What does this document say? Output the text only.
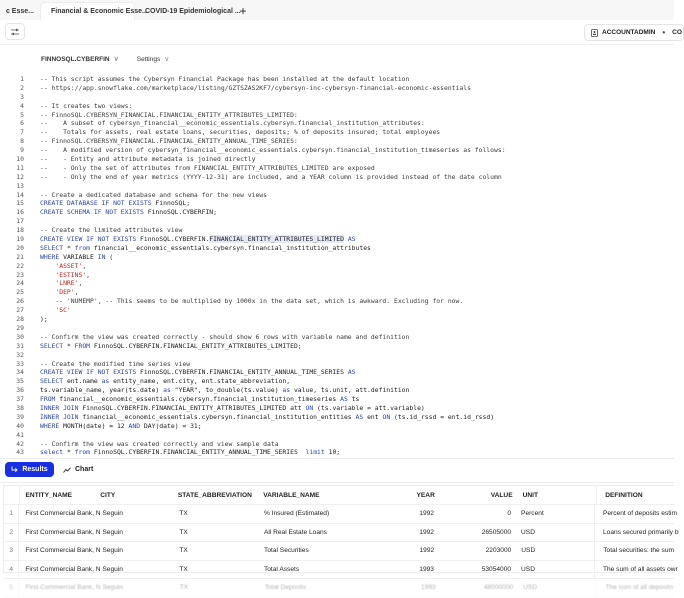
c Esse... Financial & Economic Esse...
COVID-19 Epidemiological ...
+
ACCOUNTADMIN • CO
FINNOSQL.CYBERFIN ∨	Settings ∨
1	-- This script assumes the Cybersyn Financial Package has been installed at the default location
2	-- https://app.snowflake.com/marketplace/listing/GZTSZAS2KF7/cybersyn-inc-cybersyn-financial-economic-essentials
3
4	-- It creates two views:
5	-- FinnoSQL.CYBERSYN_FINANCIAL.FINANCIAL_ENTITY_ATTRIBUTES_LIMITED:
6	--    A subset of cybersyn_financial__economic_essentials.cybersyn.financial_institution_attributes:
7	--    Totals for assets, real estate loans, securities, deposits; % of deposits insured; total employees
8	-- FinnoSQL.CYBERSYN_FINANCIAL.FINANCIAL_ENTITY_ANNUAL_TIME_SERIES:
9	--    A modified version of cybersyn_financial__economic_essentials.cybersyn.financial_institution_timeseries as follows:
10	--    - Entity and attribute metadata is joined directly
11	--    - Only the set of attributes from FINANCIAL_ENTITY_ATTRIBUTES_LIMITED are exposed
12	--    - Only the end of year metrics (YYYY-12-31) are included, and a YEAR column is provided instead of the date column
13
14	-- Create a dedicated database and schema for the new views
15	CREATE DATABASE IF NOT EXISTS FinnoSQL;
16	CREATE SCHEMA IF NOT EXISTS FinnoSQL.CYBERFIN;
17
18	-- Create the limited attributes view
19	CREATE VIEW IF NOT EXISTS FinnoSQL.CYBERFIN.FINANCIAL_ENTITY_ATTRIBUTES_LIMITED AS
20	SELECT * from financial__economic_essentials.cybersyn.financial_institution_attributes
21	WHERE VARIABLE IN (
22	'ASSET',
23	'ESTINS',
24	'LNRE',
25	'DEP',
26	-- 'NUMEMP', -- This seems to be multiplied by 1000x in the data set, which is awkward. Excluding for now.
27	'SC'
28	);
29
30	-- Confirm the view was created correctly - should show 6 rows with variable name and definition
31	SELECT * FROM FinnoSQL.CYBERFIN.FINANCIAL_ENTITY_ATTRIBUTES_LIMITED;
32
33	-- Create the modified time series view
34	CREATE VIEW IF NOT EXISTS FinnoSQL.CYBERFIN.FINANCIAL_ENTITY_ANNUAL_TIME_SERIES AS
35	SELECT ent.name as entity_name, ent.city, ent.state_abbreviation,
36	ts.variable_name, year(ts.date) as "YEAR", to_double(ts.value) as value, ts.unit, att.definition
37	FROM financial__economic_essentials.cybersyn.financial_institution_timeseries AS ts
38	INNER JOIN FinnoSQL.CYBERFIN.FINANCIAL_ENTITY_ATTRIBUTES_LIMITED att ON (ts.variable = att.variable)
39	INNER JOIN financial__economic_essentials.cybersyn.financial_institution_entities AS ent ON (ts.id_rssd = ent.id_rssd)
40	WHERE MONTH(date) = 12 AND DAY(date) = 31;
41
42	-- Confirm the view was created correctly and view sample data
43	select * from FinnoSQL.CYBERFIN.FINANCIAL_ENTITY_ANNUAL_TIME_SERIES  limit 10;
Results	Chart
ENTITY_NAME	CITY	STATE_ABBREVIATION	VARIABLE_NAME	YEAR	VALUE	UNIT	DEFINITION
1	First Commercial Bank, N Seguin	TX	% Insured (Estimated)	1992	0	Percent	Percent of deposits estim
2	First Commercial Bank, N Seguin	TX	All Real Estate Loans	1992	26505000	USD	Loans secured primarily b
3	First Commercial Bank, N Seguin	TX	Total Securities	1992	2203000	USD	Total securities: the sum
4	First Commercial Bank, N Seguin	TX	Total Assets	1993	53054000	USD	The sum of all assets owr
5	First Commercial Bank, N Seguin	TX	Total Deposits	1993	48000000	USD	The sum of all deposits
